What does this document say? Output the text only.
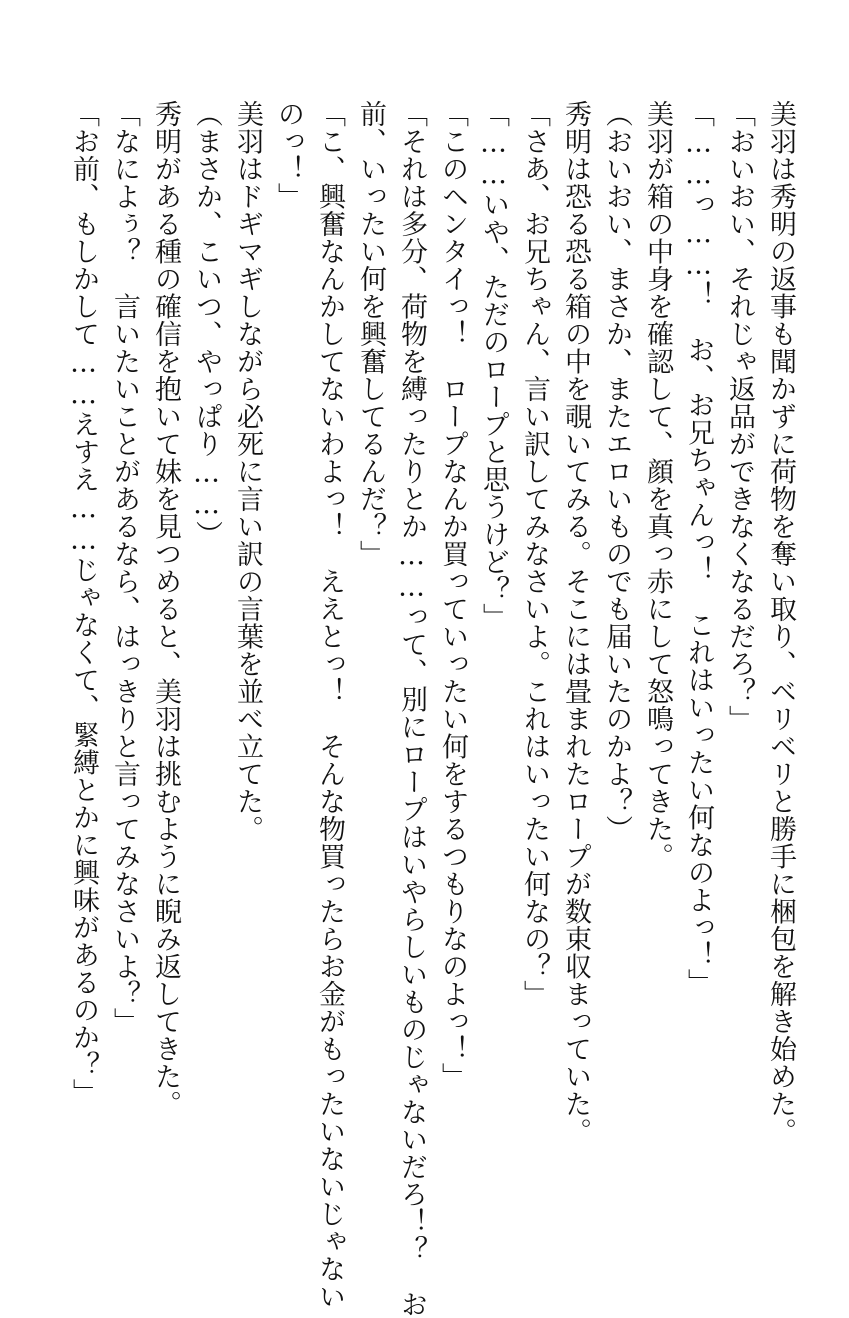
美羽は秀明の返事も聞かずに荷物を奪い取り、ベリベリと勝手に梱包を解き始めた。

「おいおい、それじゃ返品ができなくなるだろ？」

「……っ……！　お、お兄ちゃんっ！　これはいったい何なのよっ！」

美羽が箱の中身を確認して、顔を真っ赤にして怒鳴ってきた。

（おいおい、まさか、またエロいものでも届いたのかよ？）

秀明は恐る恐る箱の中を覗いてみる。そこには畳まれたロープが数束収まっていた。

「さあ、お兄ちゃん、言い訳してみなさいよ。これはいったい何なの？」

「……いや、ただのロープと思うけど？」

「このヘンタイっ！　ロープなんか買っていったい何をするつもりなのよっ！」

「それは多分、荷物を縛ったりとか……って、別にロープはいやらしいものじゃないだろ！？　お

前、いったい何を興奮してるんだ？」

「こ、興奮なんかしてないわよっ！　ええとっ！　そんな物買ったらお金がもったいないじゃない

のっ！」

美羽はドギマギしながら必死に言い訳の言葉を並べ立てた。

（まさか、こいつ、やっぱり……）

秀明がある種の確信を抱いて妹を見つめると、美羽は挑むように睨み返してきた。

「なによぅ？　言いたいことがあるなら、はっきりと言ってみなさいよ？」

「お前、もしかして……えすえ……じゃなくて、緊縛とかに興味があるのか？」
